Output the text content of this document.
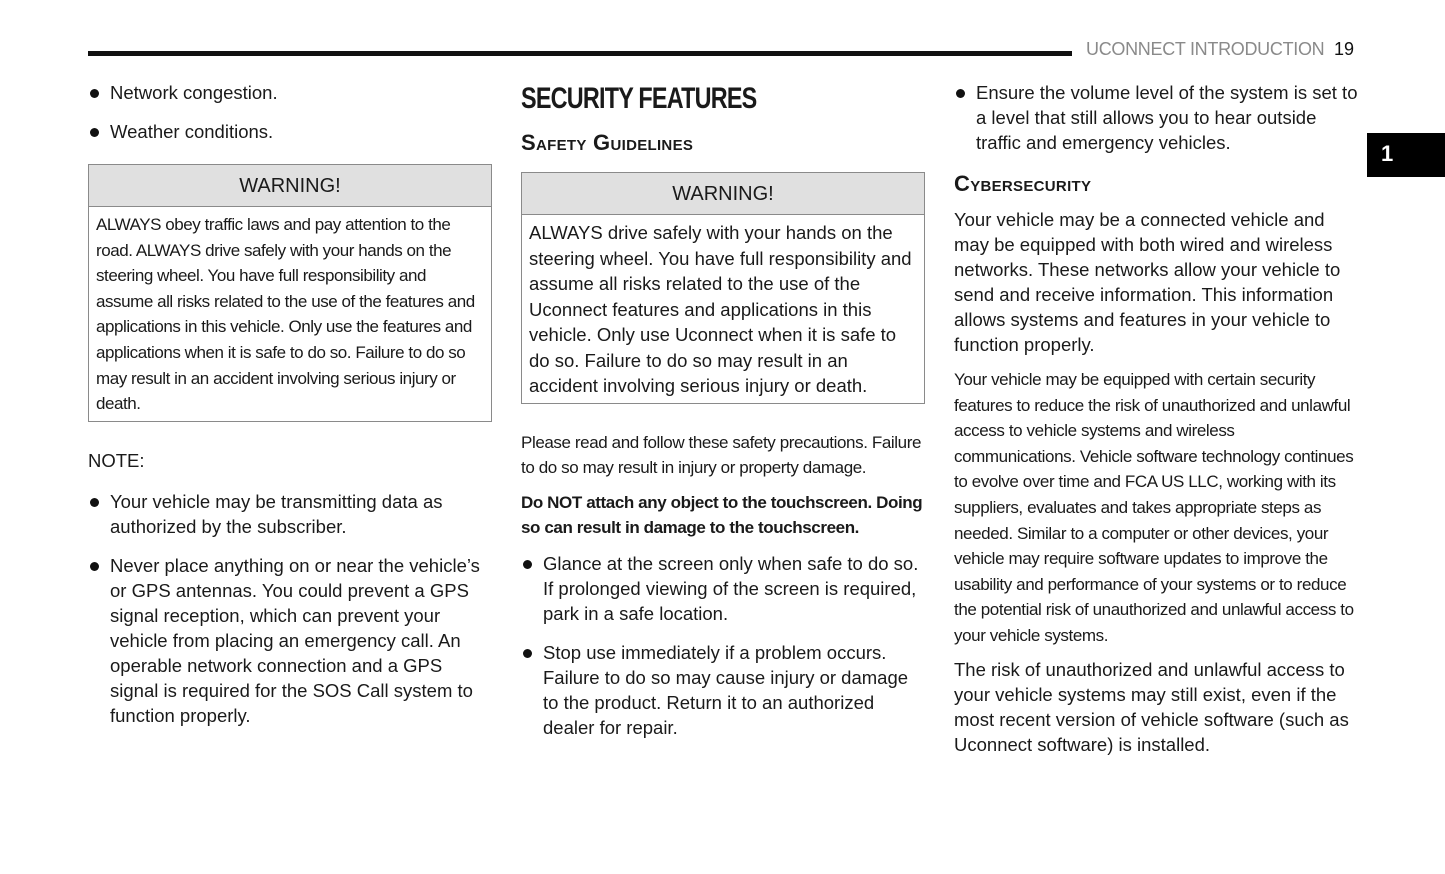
UCONNECT INTRODUCTION 19
1
Network congestion.
Weather conditions.
WARNING!
ALWAYS obey traffic laws and pay attention to the road. ALWAYS drive safely with your hands on the steering wheel. You have full responsibility and assume all risks related to the use of the features and applications in this vehicle. Only use the features and applications when it is safe to do so. Failure to do so may result in an accident involving serious injury or death.

NOTE:

Your vehicle may be transmitting data as authorized by the subscriber.
Never place anything on or near the vehicle’s or GPS antennas. You could prevent a GPS signal reception, which can prevent your vehicle from placing an emergency call. An operable network connection and a GPS signal is required for the SOS Call system to function properly.
SECURITY FEATURES
Safety Guidelines
WARNING!
ALWAYS drive safely with your hands on the steering wheel. You have full responsibility and assume all risks related to the use of the Uconnect features and applications in this vehicle. Only use Uconnect when it is safe to do so. Failure to do so may result in an accident involving serious injury or death.

Please read and follow these safety precautions. Failure to do so may result in injury or property damage.

Do NOT attach any object to the touchscreen. Doing so can result in damage to the touchscreen.

Glance at the screen only when safe to do so. If prolonged viewing of the screen is required, park in a safe location.
Stop use immediately if a problem occurs. Failure to do so may cause injury or damage to the product. Return it to an authorized dealer for repair.
Ensure the volume level of the system is set to a level that still allows you to hear outside traffic and emergency vehicles.
Cybersecurity

Your vehicle may be a connected vehicle and may be equipped with both wired and wireless networks. These networks allow your vehicle to send and receive information. This information allows systems and features in your vehicle to function properly.

Your vehicle may be equipped with certain security features to reduce the risk of unauthorized and unlawful access to vehicle systems and wireless communications. Vehicle software technology continues to evolve over time and FCA US LLC, working with its suppliers, evaluates and takes appropriate steps as needed. Similar to a computer or other devices, your vehicle may require software updates to improve the usability and performance of your systems or to reduce the potential risk of unauthorized and unlawful access to your vehicle systems.

The risk of unauthorized and unlawful access to your vehicle systems may still exist, even if the most recent version of vehicle software (such as Uconnect software) is installed.
